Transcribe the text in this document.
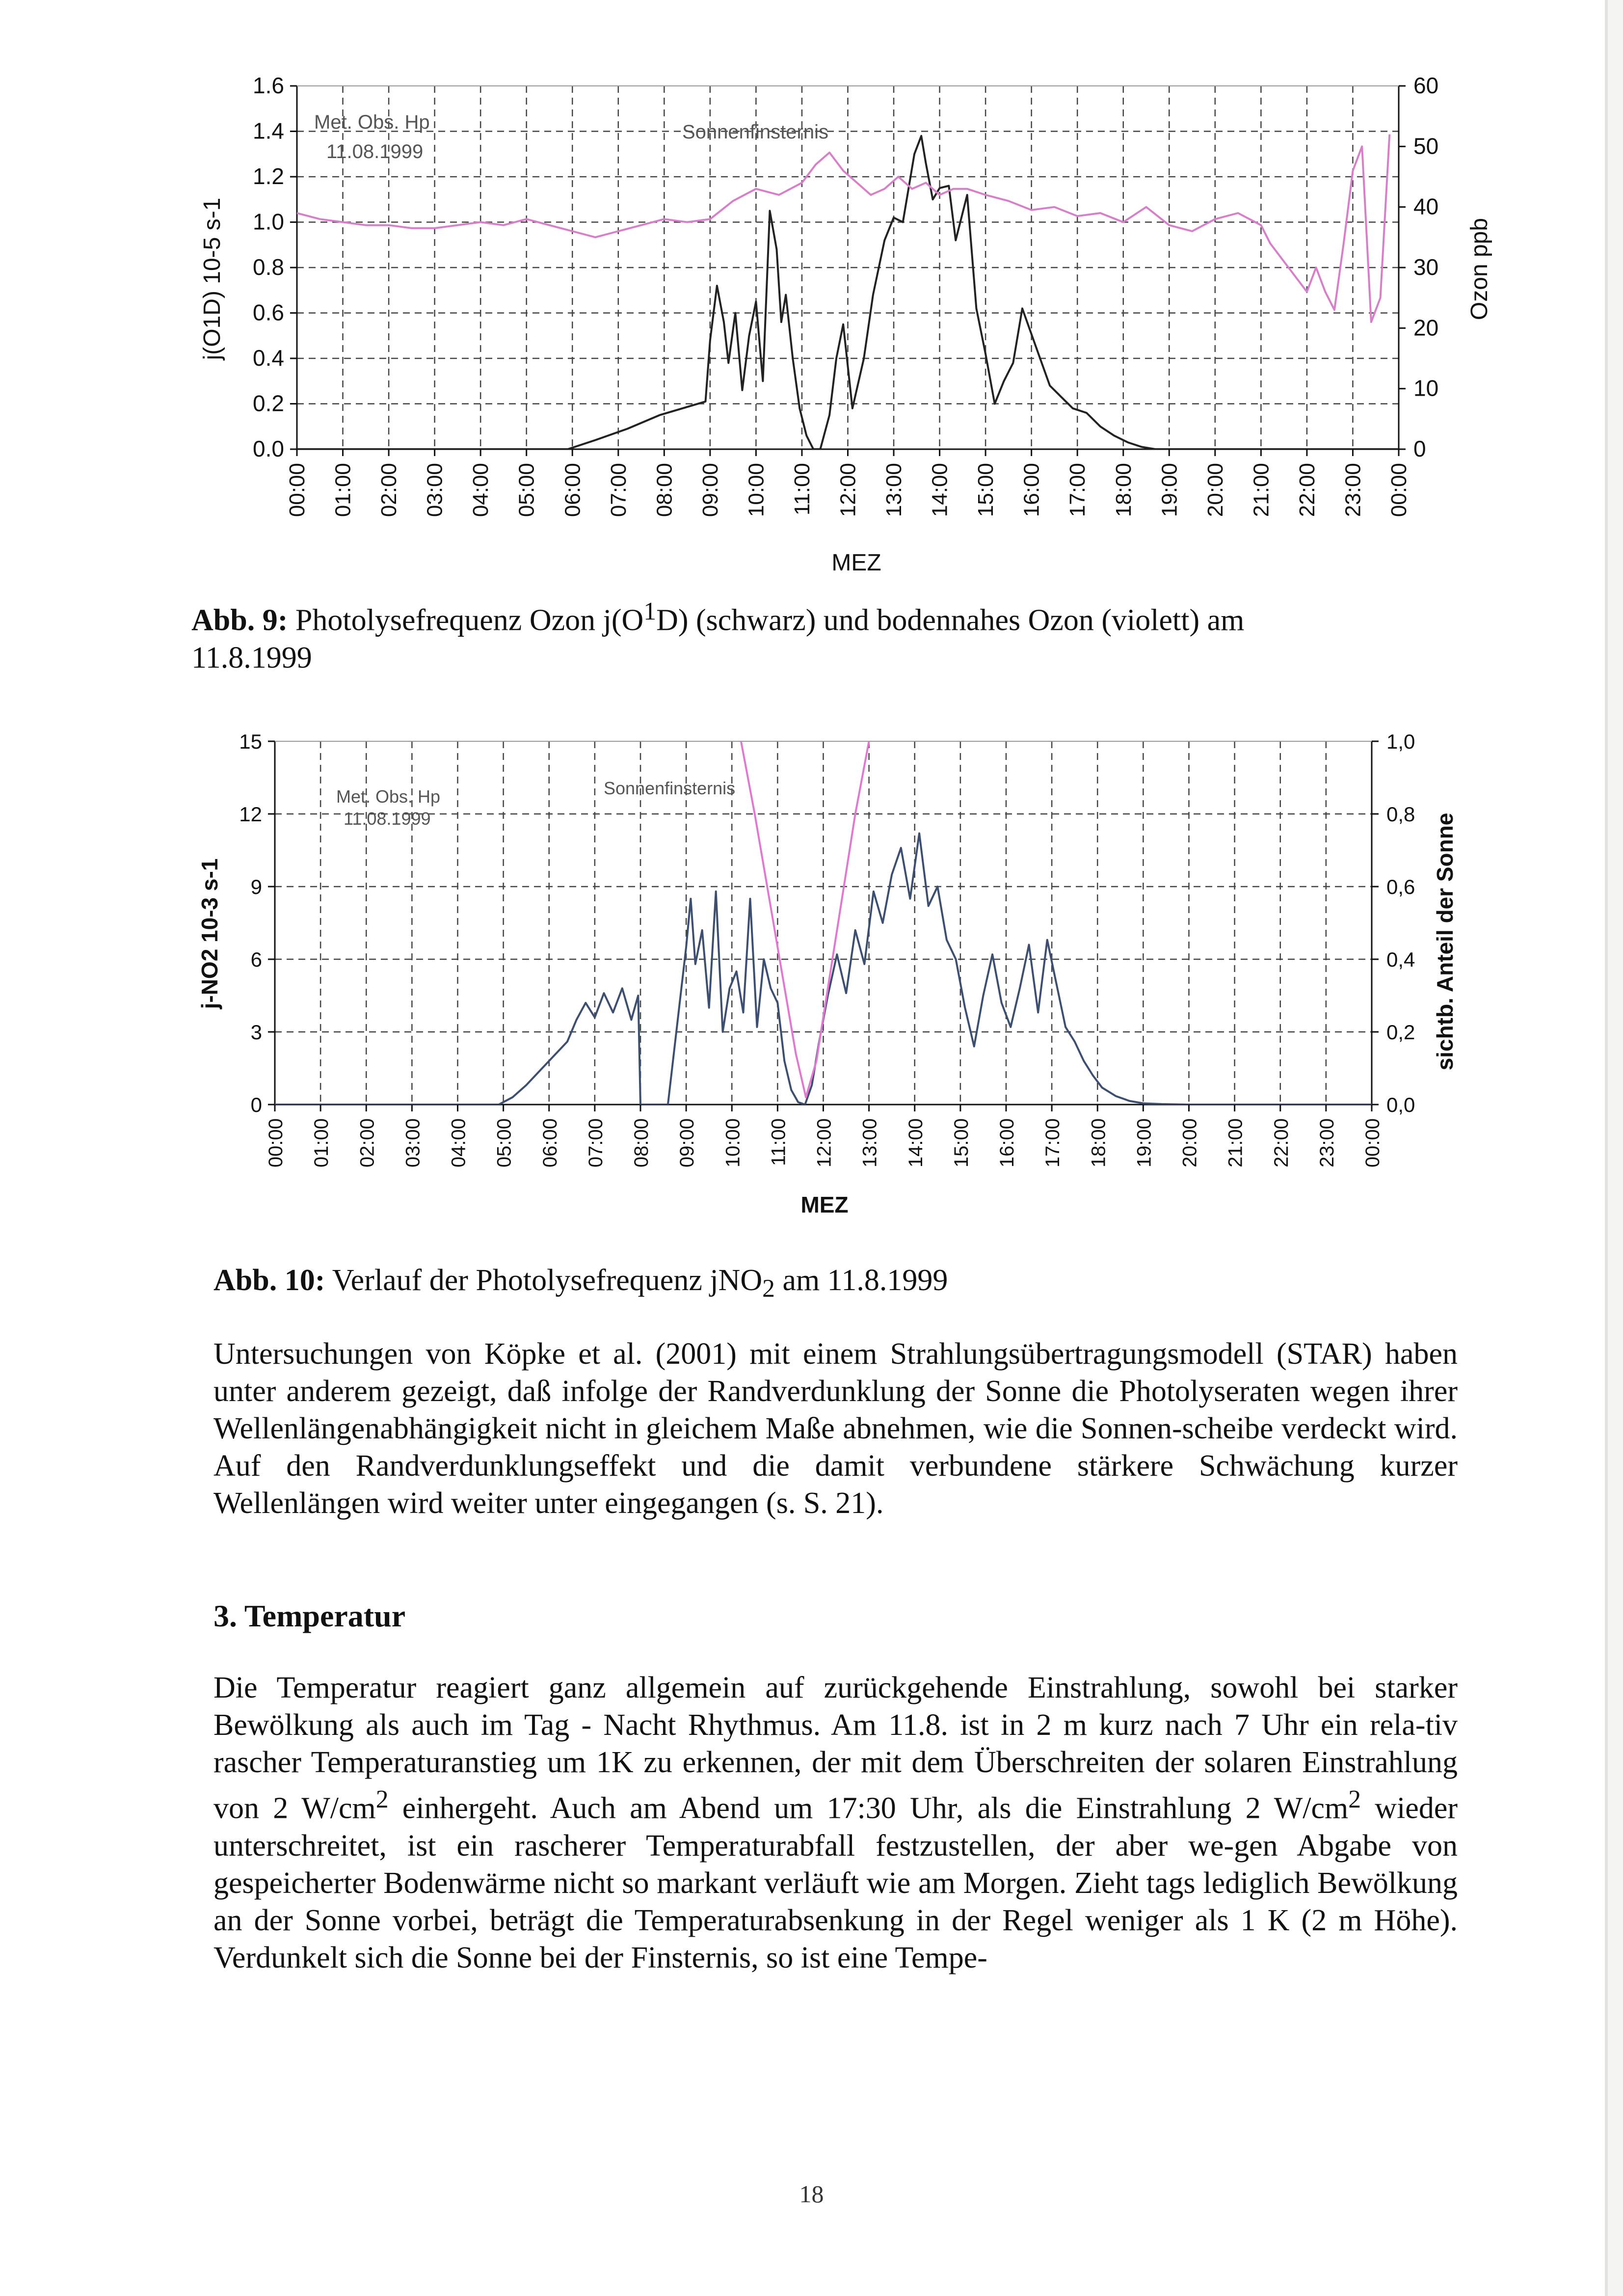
0.0
0.2
0.4
0.6
0.8
1.0
1.2
1.4
1.6
0
10
20
30
40
50
60
00:00 01:00 02:00 03:00 04:00 05:00 06:00 07:00 08:00 09:00 10:00 11:00 12:00 13:00 14:00 15:00 16:00 17:00 18:00 19:00 20:00 21:00 22:00 23:00 00:00
Met. Obs. Hp
11.08.1999
Sonnenfinsternis
MEZ
j(O1D) 10-5 s-1	Ozon ppb
Abb. 9: Photolysefrequenz Ozon $j(O^1D)$ (schwarz) und bodennahes Ozon (violett) am
11.8.1999
0
3
6
9
12
15
0,0
0,2
0,4
0,6
0,8
1,0
00:00 01:00 02:00 03:00 04:00 05:00 06:00 07:00 08:00 09:00 10:00 11:00 12:00 13:00 14:00 15:00 16:00 17:00 18:00 19:00 20:00 21:00 22:00 23:00 00:00
Met. Obs. Hp
11.08.1999
Sonnenfinsternis
MEZ
j-NO2 10-3 s-1	sichtb. Anteil der Sonne
Abb. 10: Verlauf der Photolysefrequenz jNO$_2$ am 11.8.1999

Untersuchungen von Köpke et al. (2001) mit einem Strahlungsübertragungsmodell (STAR) haben unter anderem gezeigt, daß infolge der Randverdunklung der Sonne die Photolyseraten wegen ihrer Wellenlängenabhängigkeit nicht in gleichem Maße abnehmen, wie die Sonnen-scheibe verdeckt wird. Auf den Randverdunklungseffekt und die damit verbundene stärkere Schwächung kurzer Wellenlängen wird weiter unter eingegangen (s. S. 21).

3. Temperatur

Die Temperatur reagiert ganz allgemein auf zurückgehende Einstrahlung, sowohl bei starker Bewölkung als auch im Tag - Nacht Rhythmus. Am 11.8. ist in 2 m kurz nach 7 Uhr ein rela-tiv rascher Temperaturanstieg um 1K zu erkennen, der mit dem Überschreiten der solaren Einstrahlung von 2 $W/cm^2$ einhergeht. Auch am Abend um 17:30 Uhr, als die Einstrahlung 2 $W/cm^2$ wieder unterschreitet, ist ein rascherer Temperaturabfall festzustellen, der aber we-gen Abgabe von gespeicherter Bodenwärme nicht so markant verläuft wie am Morgen. Zieht tags lediglich Bewölkung an der Sonne vorbei, beträgt die Temperaturabsenkung in der Regel weniger als 1 K (2 m Höhe). Verdunkelt sich die Sonne bei der Finsternis, so ist eine Tempe-

18
